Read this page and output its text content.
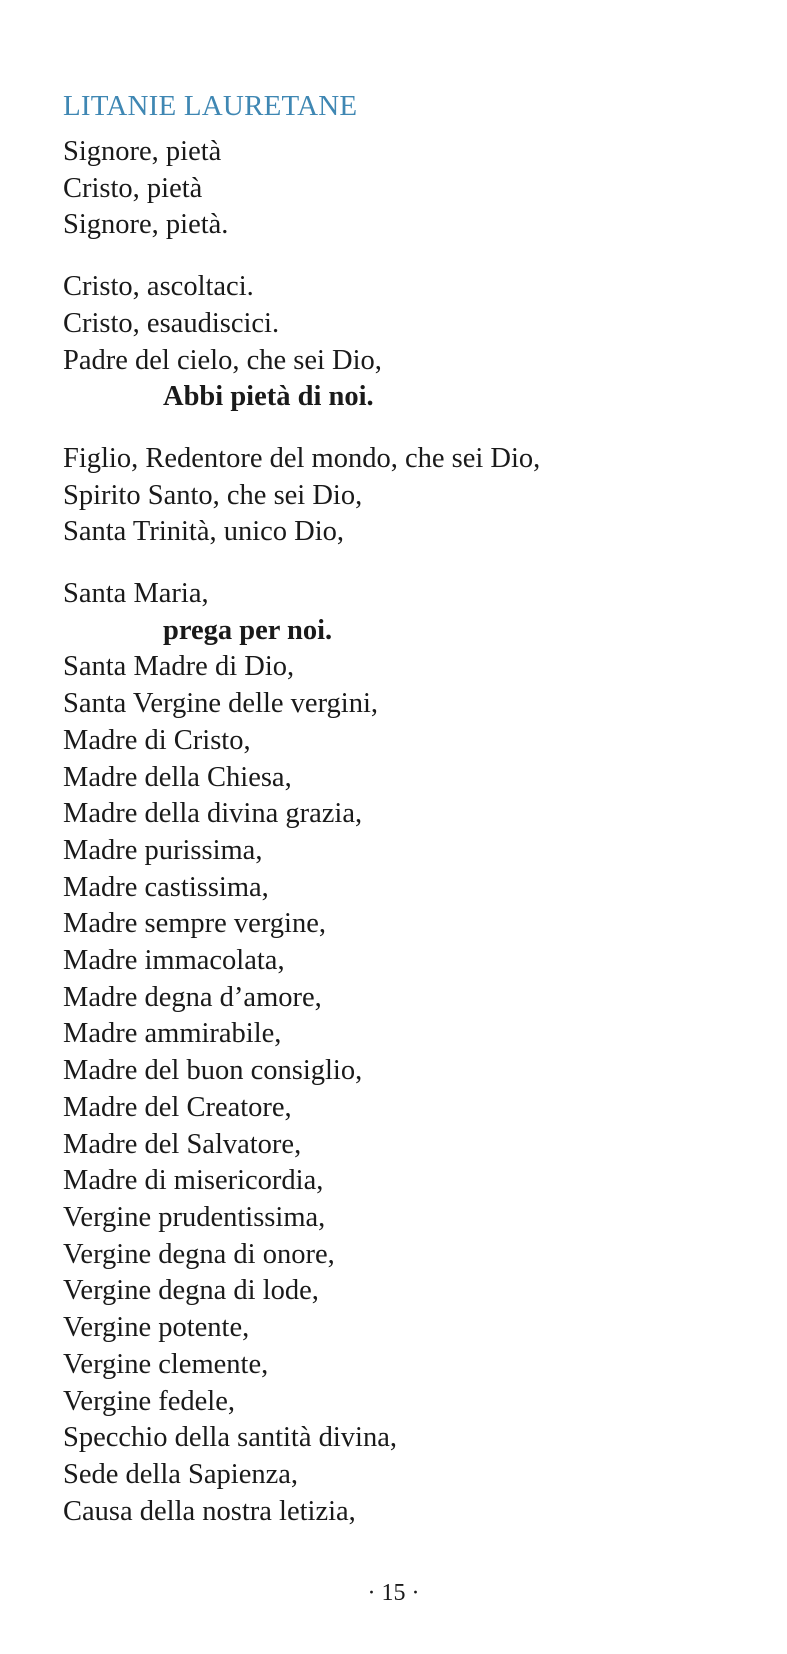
LITANIE LAURETANE
Signore, pietà
Cristo, pietà
Signore, pietà.
Cristo, ascoltaci.
Cristo, esaudiscici.
Padre del cielo, che sei Dio,
Abbi pietà di noi.
Figlio, Redentore del mondo, che sei Dio,
Spirito Santo, che sei Dio,
Santa Trinità, unico Dio,
Santa Maria,
prega per noi.
Santa Madre di Dio,
Santa Vergine delle vergini,
Madre di Cristo,
Madre della Chiesa,
Madre della divina grazia,
Madre purissima,
Madre castissima,
Madre sempre vergine,
Madre immacolata,
Madre degna d’amore,
Madre ammirabile,
Madre del buon consiglio,
Madre del Creatore,
Madre del Salvatore,
Madre di misericordia,
Vergine prudentissima,
Vergine degna di onore,
Vergine degna di lode,
Vergine potente,
Vergine clemente,
Vergine fedele,
Specchio della santità divina,
Sede della Sapienza,
Causa della nostra letizia,
· 15 ·
